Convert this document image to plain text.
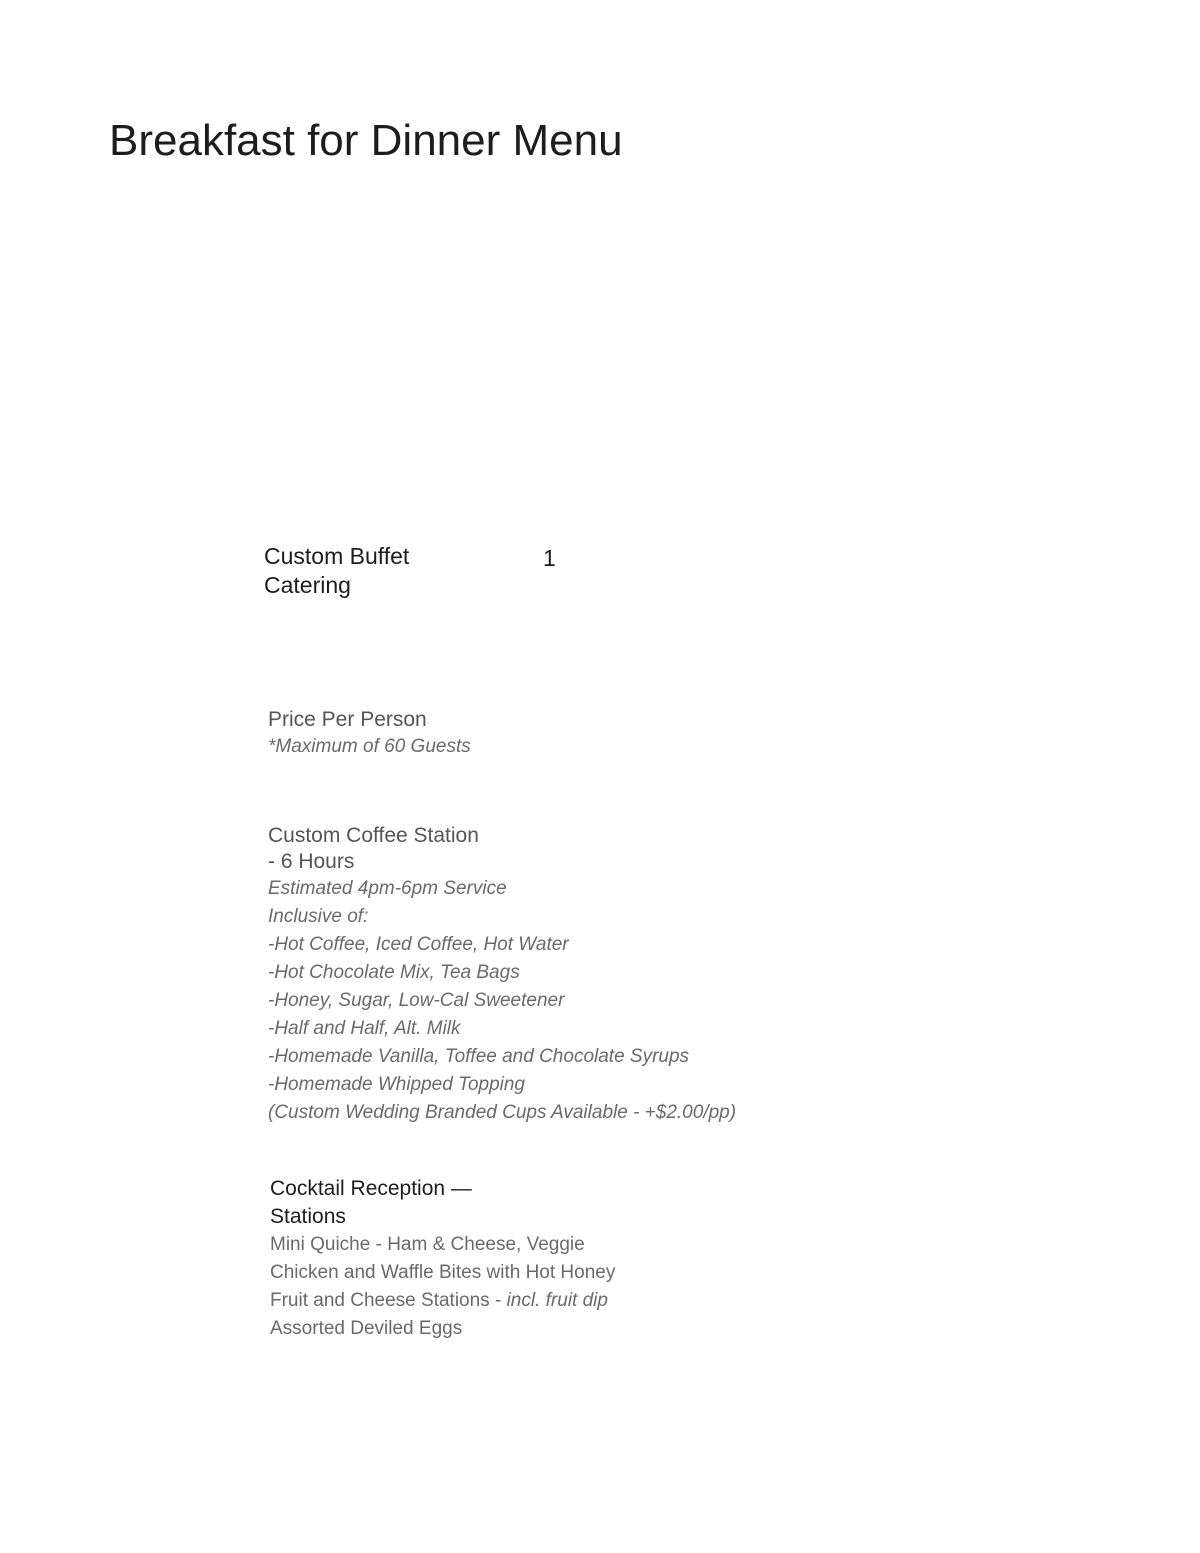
Breakfast for Dinner Menu
Custom Buffet
Catering
1
Price Per Person
*Maximum of 60 Guests
Custom Coffee Station
- 6 Hours
Estimated 4pm-6pm Service
Inclusive of:
-Hot Coffee, Iced Coffee, Hot Water
-Hot Chocolate Mix, Tea Bags
-Honey, Sugar, Low-Cal Sweetener
-Half and Half, Alt. Milk
-Homemade Vanilla, Toffee and Chocolate Syrups
-Homemade Whipped Topping
(Custom Wedding Branded Cups Available - +$2.00/pp)
Cocktail Reception —
Stations
Mini Quiche - Ham & Cheese, Veggie
Chicken and Waffle Bites with Hot Honey
Fruit and Cheese Stations - incl. fruit dip
Assorted Deviled Eggs
